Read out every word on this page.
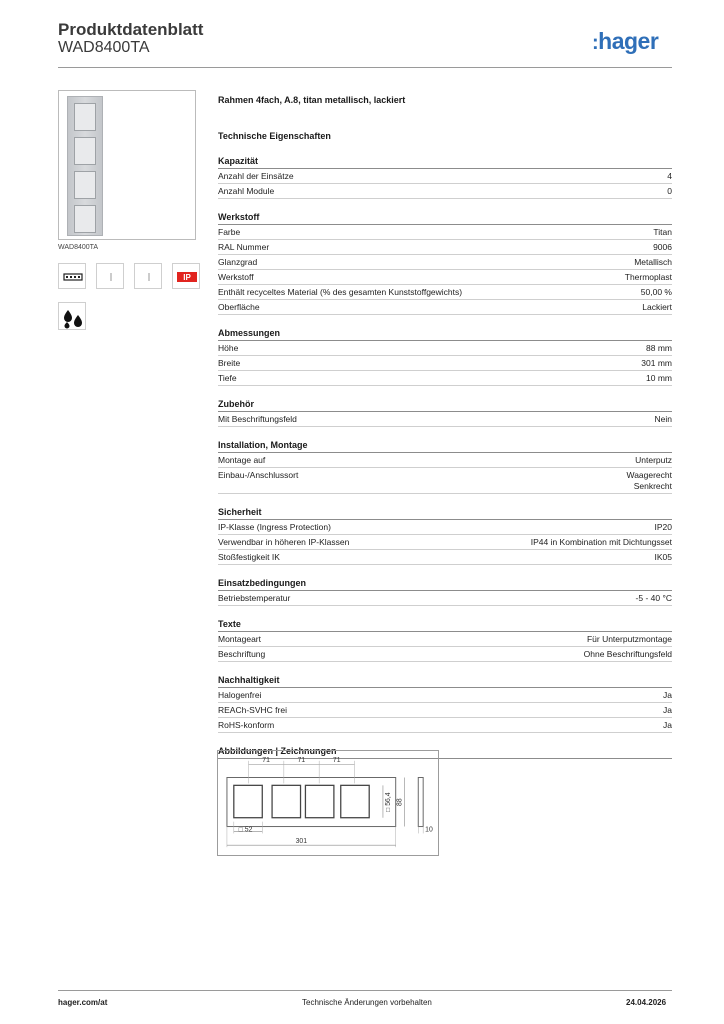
Produktdatenblatt
WAD8400TA	:hager
WAD8400TA
IP
Rahmen 4fach, A.8, titan metallisch, lackiert
Technische Eigenschaften
Kapazität
Anzahl der Einsätze	4
Anzahl Module	0
Werkstoff
Farbe	Titan
RAL Nummer	9006
Glanzgrad	Metallisch
Werkstoff	Thermoplast
Enthält recyceltes Material (% des gesamten Kunststoffgewichts)	50,00 %
Oberfläche	Lackiert
Abmessungen
Höhe	88 mm
Breite	301 mm
Tiefe	10 mm
Zubehör
Mit Beschriftungsfeld	Nein
Installation, Montage
Montage auf	Unterputz
Einbau-/Anschlussort	Waagerecht
Senkrecht
Sicherheit
IP-Klasse (Ingress Protection)	IP20
Verwendbar in höheren IP-Klassen	IP44 in Kombination mit Dichtungsset
Stoßfestigkeit IK	IK05
Einsatzbedingungen
Betriebstemperatur	-5 - 40 °C
Texte
Montageart	Für Unterputzmontage
Beschriftung	Ohne Beschriftungsfeld
Nachhaltigkeit
Halogenfrei	Ja
REACh-SVHC frei	Ja
RoHS-konform	Ja
Abbildungen | Zeichnungen
71	71	71
□ 56,4 88
□ 52
301
10
hager.com/at	Technische Änderungen vorbehalten	24.04.2026
